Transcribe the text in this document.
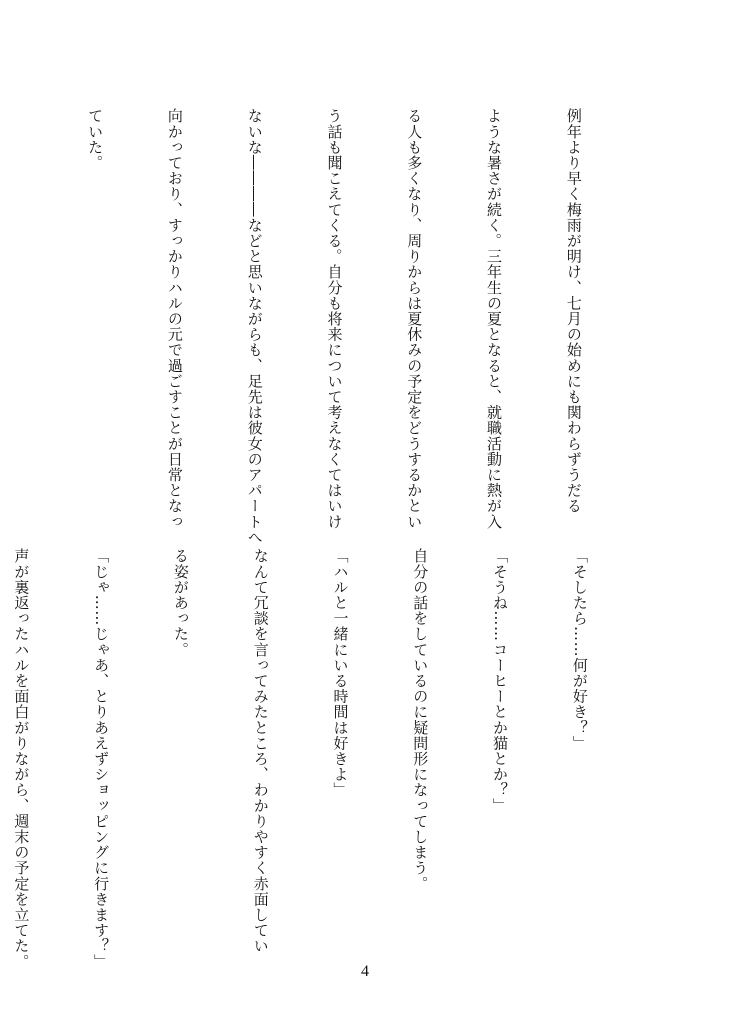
例年より早く梅雨が明け、七月の始めにも関わらずうだる

ような暑さが続く。三年生の夏となると、就職活動に熱が入

る人も多くなり、周りからは夏休みの予定をどうするかとい

う話も聞こえてくる。自分も将来について考えなくてはいけ

ないな――――などと思いながらも、足先は彼女のアパートへ

向かっており、すっかりハルの元で過ごすことが日常となっ

ていた。

「そしたら……何が好き？」

「そうね……コーヒーとか猫とか？」

自分の話をしているのに疑問形になってしまう。

「ハルと一緒にいる時間は好きよ」

なんて冗談を言ってみたところ、わかりやすく赤面してい

る姿があった。

「じゃ……じゃあ、とりあえずショッピングに行きます？」

声が裏返ったハルを面白がりながら、週末の予定を立てた。

4
